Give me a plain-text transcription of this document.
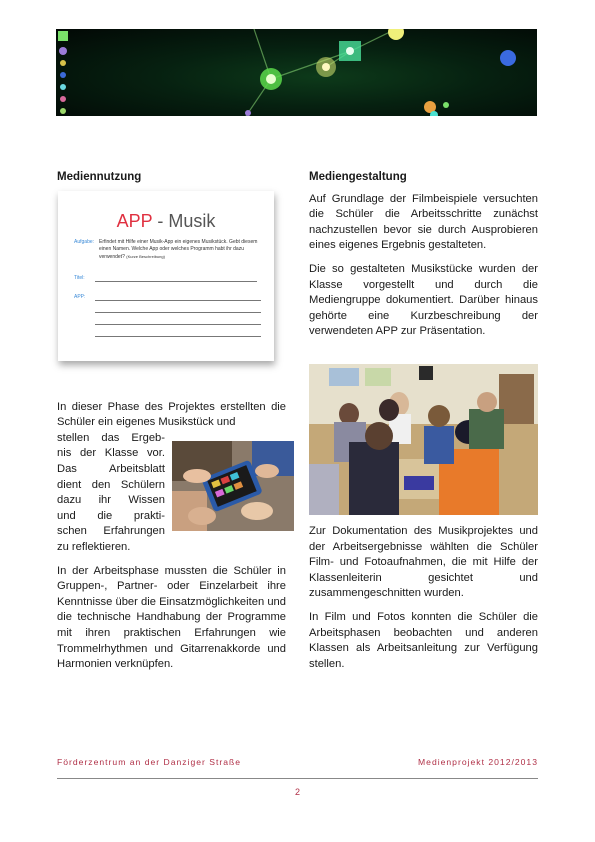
Mediennutzung

In dieser Phase des Projektes erstellten die Schüler ein eigenes Musikstück und

stellen das Ergeb-
nis der Klasse vor.
Das Arbeitsblatt
dient den Schülern
dazu ihr Wissen
und die prakti-
schen Erfahrungen
zu reflektieren.

In der Arbeitsphase mussten die Schüler in Gruppen-, Partner- oder Einzelarbeit ihre Kenntnisse über die Einsatzmöglichkeiten und die technische Handhabung der Programme mit ihren praktischen Erfahrungen wie Trommelrhythmen und Gitarrenakkorde und Harmonien verknüpfen.

APP - Musik
Aufgabe: Erfindet mit Hilfe einer Musik-App ein eigenes Musikstück. Gebt diesem einen Namen. Welche App oder welches Programm habt ihr dazu verwendet? (Kurze Beschreibung)
Titel:
APP:
Mediengestaltung

Auf Grundlage der Filmbeispiele versuchten die Schüler die Arbeitsschritte zunächst nachzustellen bevor sie durch Ausprobieren eines eigenes Ergebnis gestalteten.

Die so gestalteten Musikstücke wurden der Klasse vorgestellt und durch die Mediengruppe dokumentiert. Darüber hinaus gehörte eine Kurzbeschreibung der verwendeten APP zur Präsentation.

Zur Dokumentation des Musikprojektes und der Arbeitsergebnisse wählten die Schüler Film- und Fotoaufnahmen, die mit Hilfe der Klassenleiterin gesichtet und zusammengeschnitten wurden.

In Film und Fotos konnten die Schüler die Arbeitsphasen beobachten und anderen Klassen als Arbeitsanleitung zur Verfügung stellen.

Förderzentrum an der Danziger Straße	Medienprojekt 2012/2013
2
